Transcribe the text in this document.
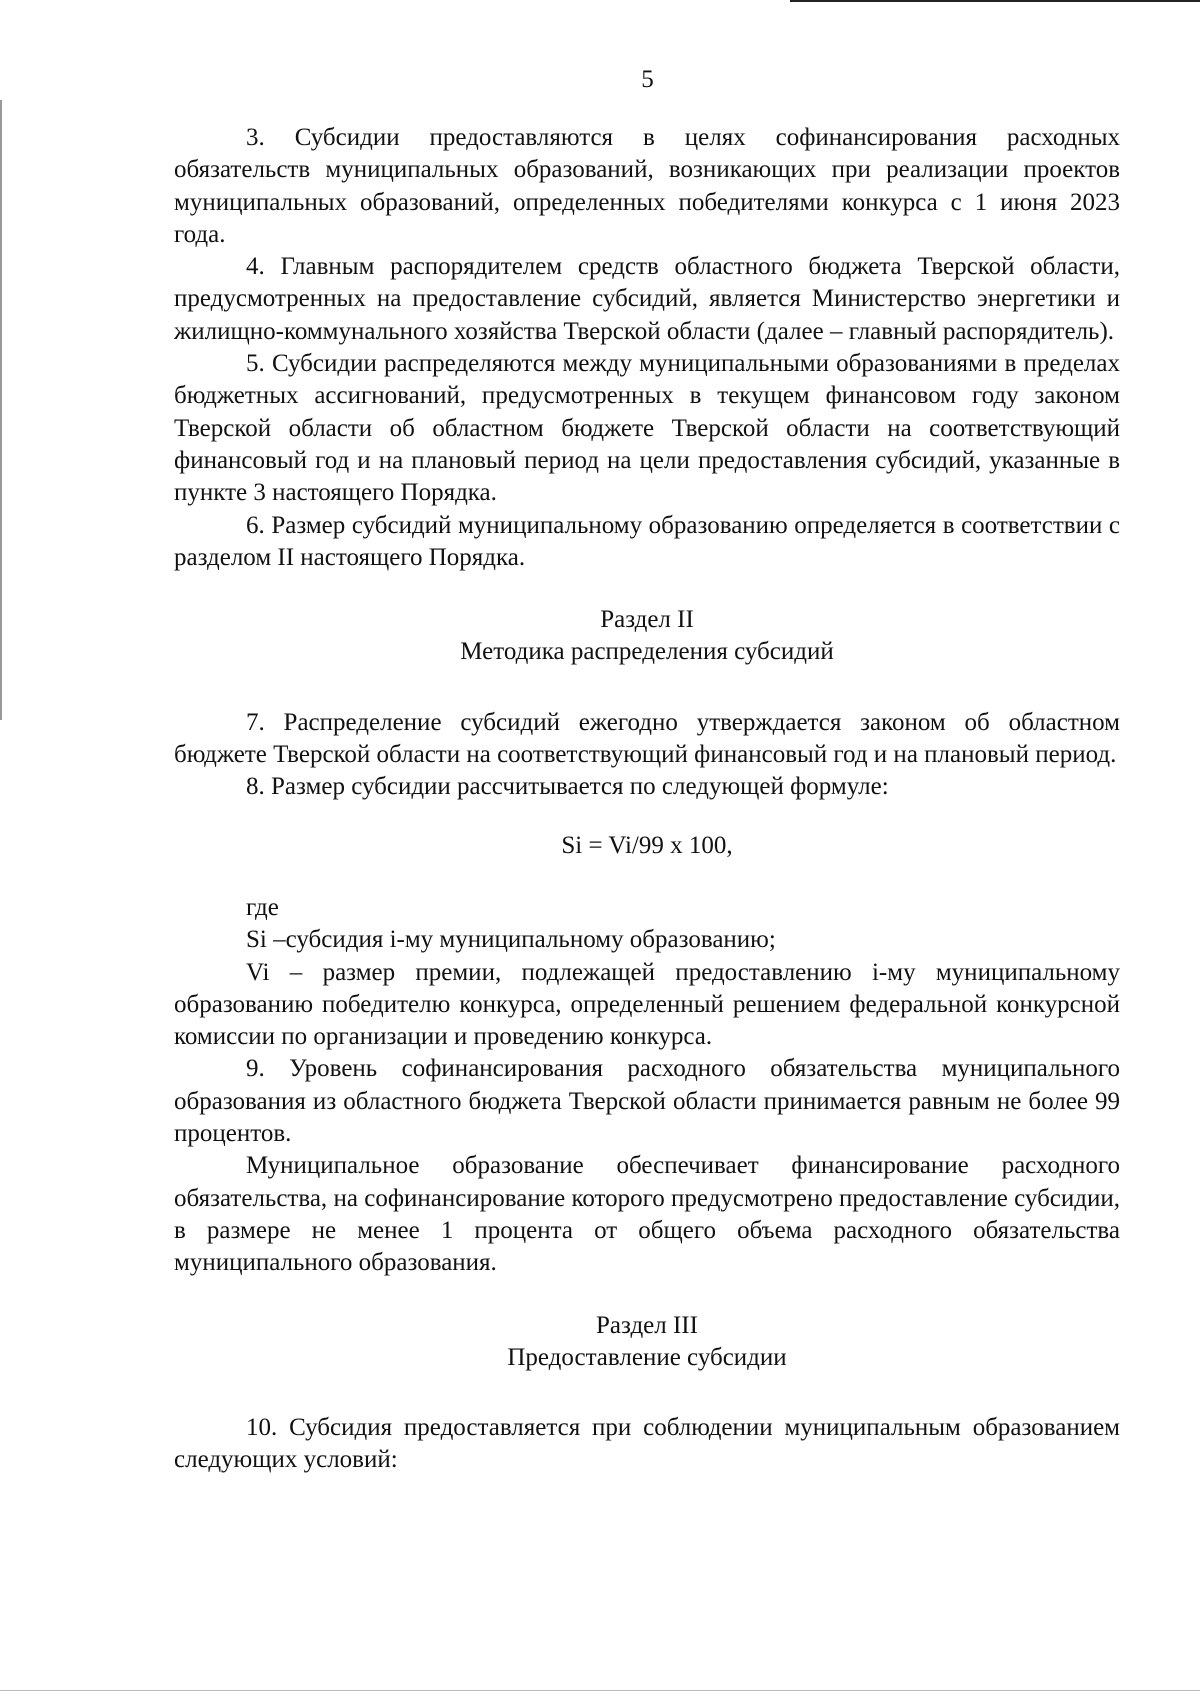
5

3. Субсидии предоставляются в целях софинансирования расходных обязательств муниципальных образований, возникающих при реализации проектов муниципальных образований, определенных победителями конкурса с 1 июня 2023 года.

4. Главным распорядителем средств областного бюджета Тверской области, предусмотренных на предоставление субсидий, является Министерство энергетики и жилищно-коммунального хозяйства Тверской области (далее – главный распорядитель).

5. Субсидии распределяются между муниципальными образованиями в пределах бюджетных ассигнований, предусмотренных в текущем финансовом году законом Тверской области об областном бюджете Тверской области на соответствующий финансовый год и на плановый период на цели предоставления субсидий, указанные в пункте 3 настоящего Порядка.

6. Размер субсидий муниципальному образованию определяется в соответствии с разделом II настоящего Порядка.

Раздел II

Методика распределения субсидий

7. Распределение субсидий ежегодно утверждается законом об областном бюджете Тверской области на соответствующий финансовый год и на плановый период.

8. Размер субсидии рассчитывается по следующей формуле:

Si = Vi/99 х 100,

где

Si –субсидия i-му муниципальному образованию;

Vi – размер премии, подлежащей предоставлению i-му муниципальному образованию победителю конкурса, определенный решением федеральной конкурсной комиссии по организации и проведению конкурса.

9. Уровень софинансирования расходного обязательства муниципального образования из областного бюджета Тверской области принимается равным не более 99 процентов.

Муниципальное образование обеспечивает финансирование расходного обязательства, на софинансирование которого предусмотрено предоставление субсидии, в размере не менее 1 процента от общего объема расходного обязательства муниципального образования.

Раздел III

Предоставление субсидии

10. Субсидия предоставляется при соблюдении муниципальным образованием следующих условий:
